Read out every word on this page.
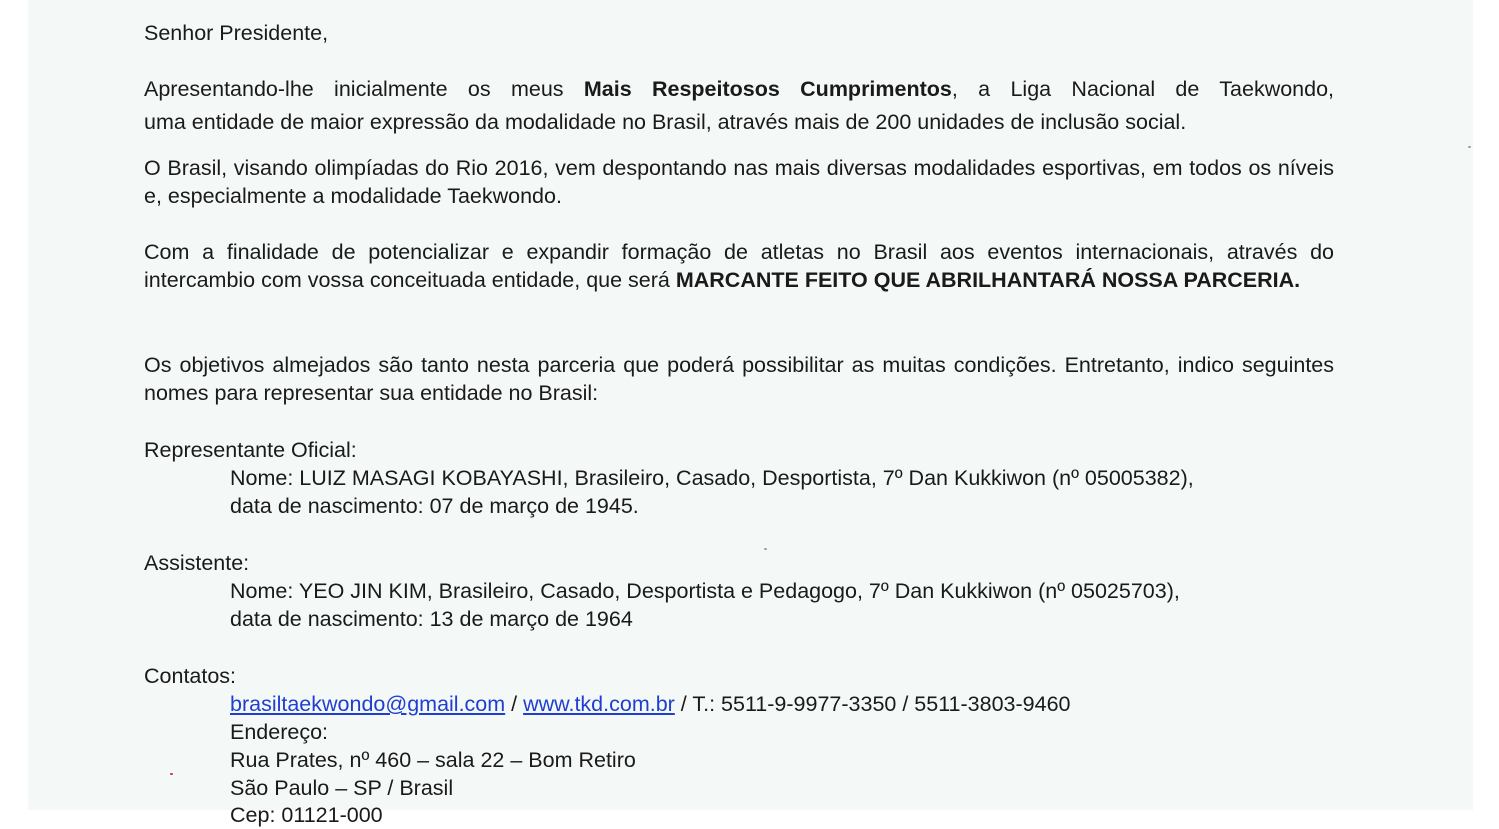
Senhor Presidente,

Apresentando-lhe inicialmente os meus Mais Respeitosos Cumprimentos, a Liga Nacional de Taekwondo,

uma entidade de maior expressão da modalidade no Brasil, através mais de 200 unidades de inclusão social.

O Brasil, visando olimpíadas do Rio 2016, vem despontando nas mais diversas modalidades esportivas, em todos os níveis e, especialmente a modalidade Taekwondo.

Com a finalidade de potencializar e expandir formação de atletas no Brasil aos eventos internacionais, através do intercambio com vossa conceituada entidade, que será MARCANTE FEITO QUE ABRILHANTARÁ NOSSA PARCERIA.

Os objetivos almejados são tanto nesta parceria que poderá possibilitar as muitas condições. Entretanto, indico seguintes nomes para representar sua entidade no Brasil:

Representante Oficial:

Nome: LUIZ MASAGI KOBAYASHI, Brasileiro, Casado, Desportista, 7º Dan Kukkiwon (nº 05005382),

data de nascimento: 07 de março de 1945.

Assistente:

Nome: YEO JIN KIM, Brasileiro, Casado, Desportista e Pedagogo, 7º Dan Kukkiwon (nº 05025703),

data de nascimento: 13 de março de 1964

Contatos:

brasiltaekwondo@gmail.com / www.tkd.com.br / T.: 5511-9-9977-3350 / 5511-3803-9460

Endereço:

Rua Prates, nº 460 – sala 22 – Bom Retiro

São Paulo – SP / Brasil

Cep: 01121-000
